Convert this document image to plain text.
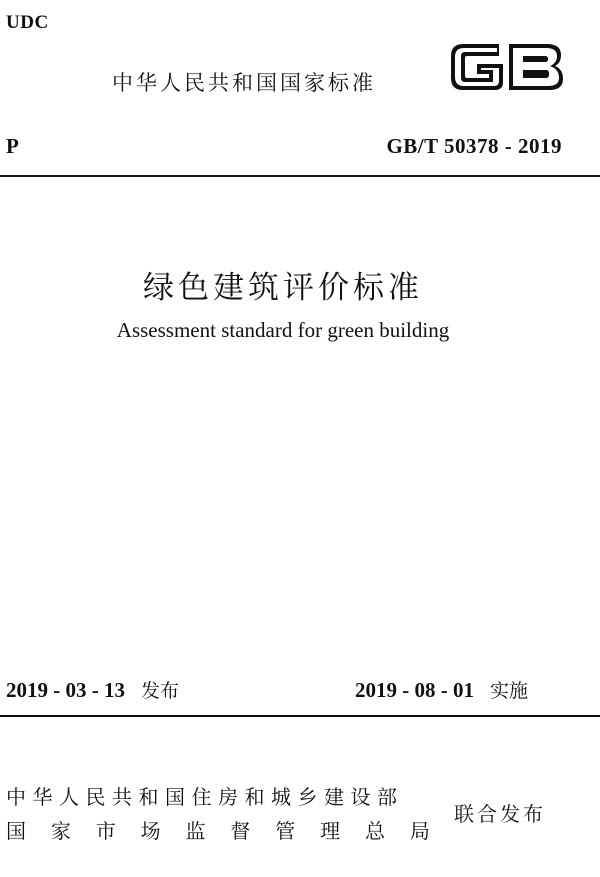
UDC
中华人民共和国国家标准
P	GB/T 50378 - 2019
绿色建筑评价标准
Assessment standard for green building
2019 - 03 - 13 发布	2019 - 08 - 01 实施
中华人民共和国住房和城乡建设部
国 家 市 场 监 督 管 理 总 局
联合发布
